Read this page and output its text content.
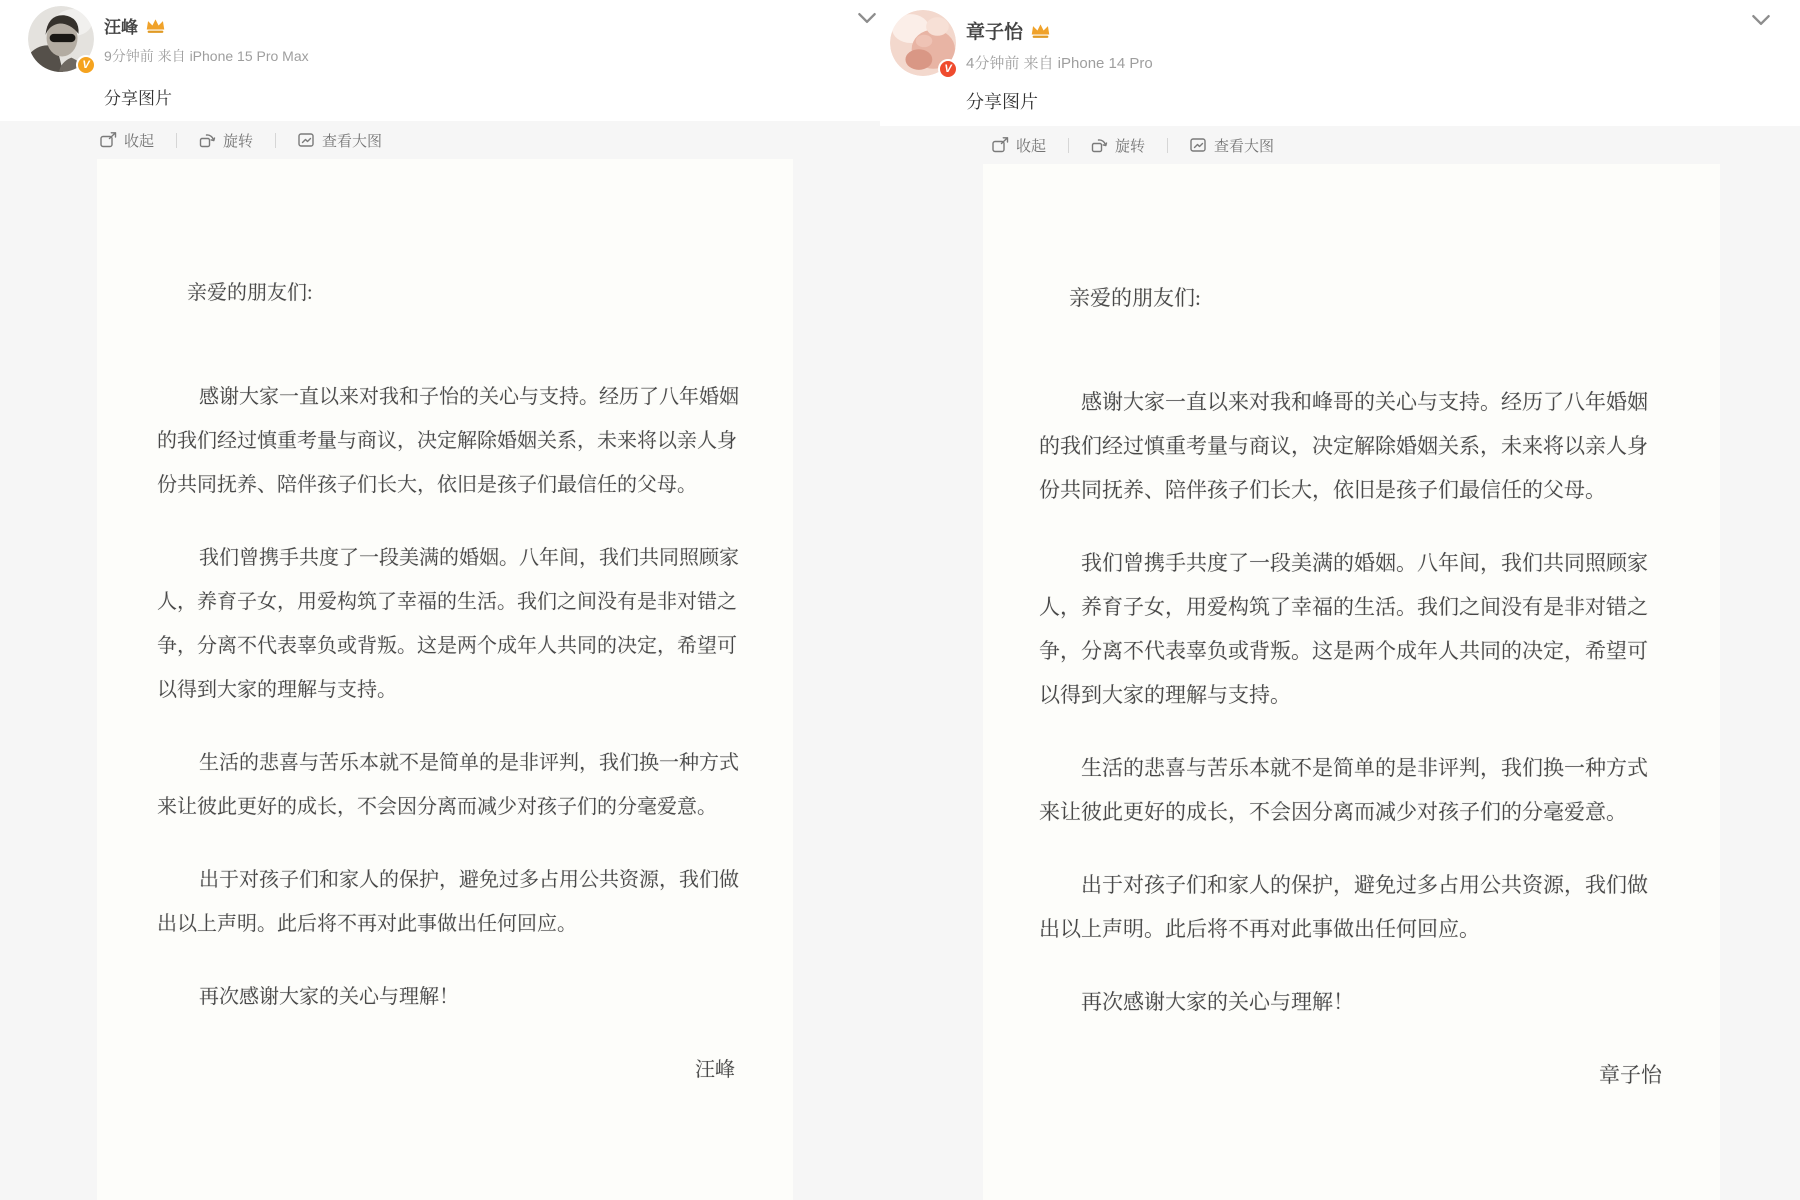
V
汪峰
9分钟前 来自 iPhone 15 Pro Max
分享图片
收起	旋转	查看大图
亲爱的朋友们:
感谢大家一直以来对我和子怡的关心与支持。经历了八年婚姻
的我们经过慎重考量与商议，决定解除婚姻关系，未来将以亲人身
份共同抚养、陪伴孩子们长大，依旧是孩子们最信任的父母。
我们曾携手共度了一段美满的婚姻。八年间，我们共同照顾家
人，养育子女，用爱构筑了幸福的生活。我们之间没有是非对错之
争，分离不代表辜负或背叛。这是两个成年人共同的决定，希望可
以得到大家的理解与支持。
生活的悲喜与苦乐本就不是简单的是非评判，我们换一种方式
来让彼此更好的成长，不会因分离而减少对孩子们的分毫爱意。
出于对孩子们和家人的保护，避免过多占用公共资源，我们做
出以上声明。此后将不再对此事做出任何回应。
再次感谢大家的关心与理解！
汪峰
V
章子怡
4分钟前 来自 iPhone 14 Pro
分享图片
收起	旋转	查看大图
亲爱的朋友们:
感谢大家一直以来对我和峰哥的关心与支持。经历了八年婚姻
的我们经过慎重考量与商议，决定解除婚姻关系，未来将以亲人身
份共同抚养、陪伴孩子们长大，依旧是孩子们最信任的父母。
我们曾携手共度了一段美满的婚姻。八年间，我们共同照顾家
人，养育子女，用爱构筑了幸福的生活。我们之间没有是非对错之
争，分离不代表辜负或背叛。这是两个成年人共同的决定，希望可
以得到大家的理解与支持。
生活的悲喜与苦乐本就不是简单的是非评判，我们换一种方式
来让彼此更好的成长，不会因分离而减少对孩子们的分毫爱意。
出于对孩子们和家人的保护，避免过多占用公共资源，我们做
出以上声明。此后将不再对此事做出任何回应。
再次感谢大家的关心与理解！
章子怡
